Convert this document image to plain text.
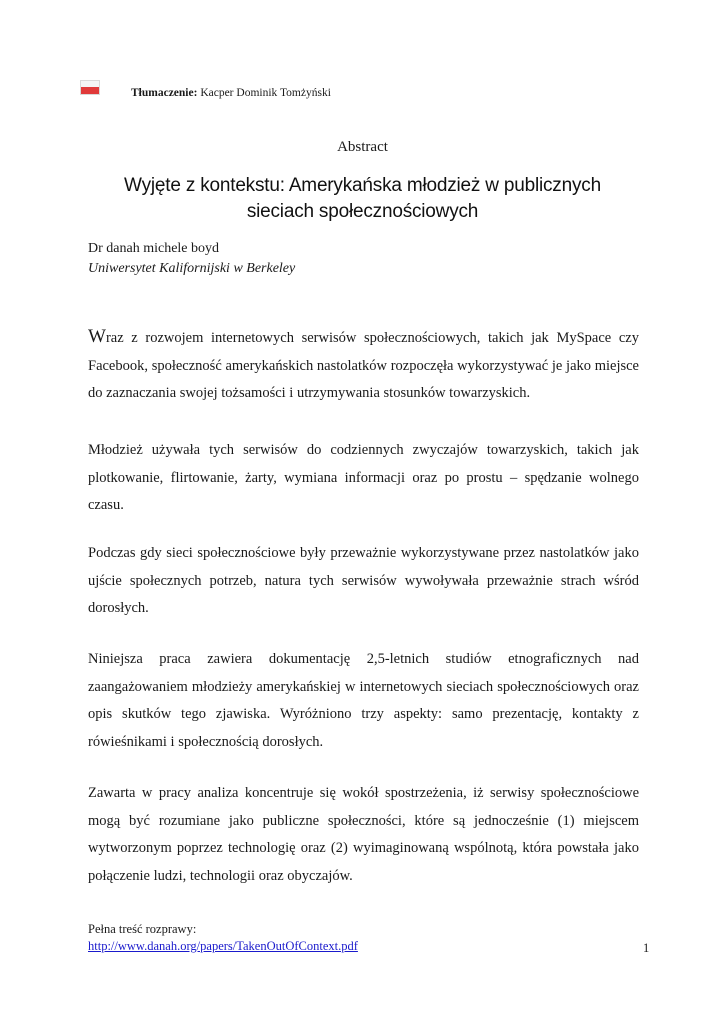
Tłumaczenie: Kacper Dominik Tomżyński
Abstract
Wyjęte z kontekstu: Amerykańska młodzież w publicznych
sieciach społecznościowych
Dr danah michele boyd
Uniwersytet Kalifornijski w Berkeley
Wraz z rozwojem internetowych serwisów społecznościowych, takich jak MySpace czy Facebook, społeczność amerykańskich nastolatków rozpoczęła wykorzystywać je jako miejsce do zaznaczania swojej tożsamości i utrzymywania stosunków towarzyskich.
Młodzież używała tych serwisów do codziennych zwyczajów towarzyskich, takich jak plotkowanie, flirtowanie, żarty, wymiana informacji oraz po prostu – spędzanie wolnego czasu.
Podczas gdy sieci społecznościowe były przeważnie wykorzystywane przez nastolatków jako ujście społecznych potrzeb, natura tych serwisów wywoływała przeważnie strach wśród dorosłych.
Niniejsza praca zawiera dokumentację 2,5-letnich studiów etnograficznych nad zaangażowaniem młodzieży amerykańskiej w internetowych sieciach społecznościowych oraz opis skutków tego zjawiska. Wyróżniono trzy aspekty: samo prezentację, kontakty z rówieśnikami i społecznością dorosłych.
Zawarta w pracy analiza koncentruje się wokół spostrzeżenia, iż serwisy społecznościowe mogą być rozumiane jako publiczne społeczności, które są jednocześnie (1) miejscem wytworzonym poprzez technologię oraz (2) wyimaginowaną wspólnotą, która powstała jako połączenie ludzi, technologii oraz obyczajów.
Pełna treść rozprawy:
http://www.danah.org/papers/TakenOutOfContext.pdf	1
